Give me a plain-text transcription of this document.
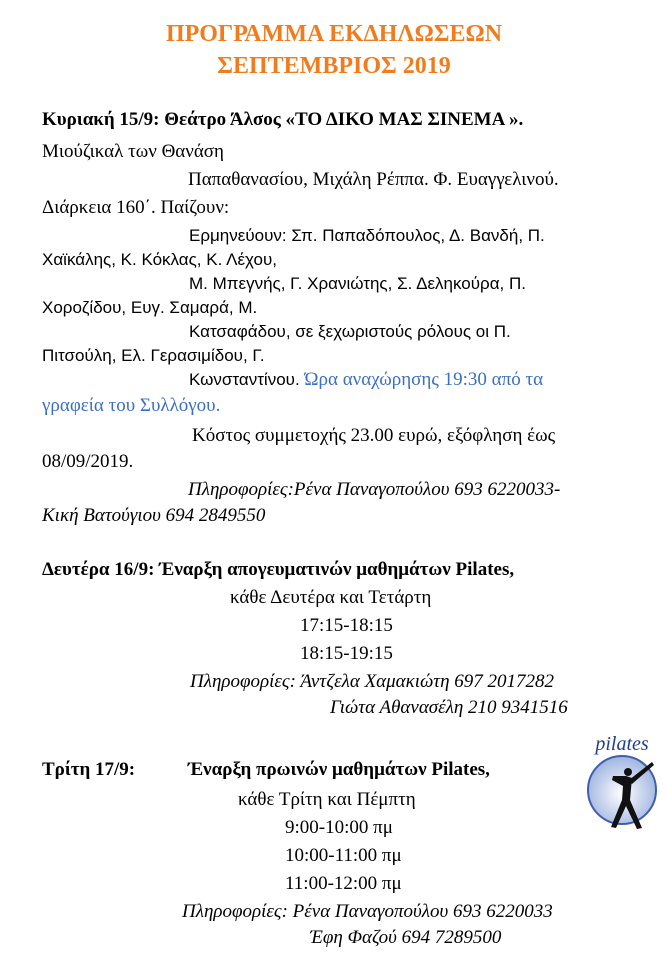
ΠΡΟΓΡΑΜΜΑ ΕΚΔΗΛΩΣΕΩΝ
ΣΕΠΤΕΜΒΡΙΟΣ 2019
Κυριακή 15/9: Θεάτρο Άλσος «ΤΟ ΔΙΚΟ ΜΑΣ ΣΙΝΕΜΑ ».
Μιούζικαλ των Θανάση
Παπαθανασίου, Μιχάλη Ρέππα. Φ. Ευαγγελινού.
Διάρκεια 160΄. Παίζουν:
Ερμηνεύουν: Σπ. Παπαδόπουλος, Δ. Βανδή, Π.
Χαϊκάλης, Κ. Κόκλας, Κ. Λέχου,
Μ. Μπεγνής, Γ. Χρανιώτης, Σ. Δεληκούρα, Π.
Χοροζίδου, Ευγ. Σαμαρά, Μ.
Κατσαφάδου, σε ξεχωριστούς ρόλους οι Π.
Πιτσούλη, Ελ. Γερασιμίδου, Γ.
Κωνσταντίνου. Ώρα αναχώρησης 19:30 από τα
γραφεία του Συλλόγου.
Κόστος συμμετοχής 23.00 ευρώ, εξόφληση έως
08/09/2019.
Πληροφορίες:Ρένα Παναγοπούλου 693 6220033-
Κική Βατούγιου 694 2849550
Δευτέρα 16/9: Έναρξη απογευματινών μαθημάτων Pilates,
κάθε Δευτέρα και Τετάρτη
17:15-18:15
18:15-19:15
Πληροφορίες: Άντζελα Χαμακιώτη 697 2017282
Γιώτα Αθανασέλη 210 9341516
Τρίτη 17/9:	Έναρξη πρωινών μαθημάτων Pilates,
κάθε Τρίτη και Πέμπτη
9:00-10:00 πμ
10:00-11:00 πμ
11:00-12:00 πμ
Πληροφορίες: Ρένα Παναγοπούλου 693 6220033
Έφη Φαζού 694 7289500
pilates
